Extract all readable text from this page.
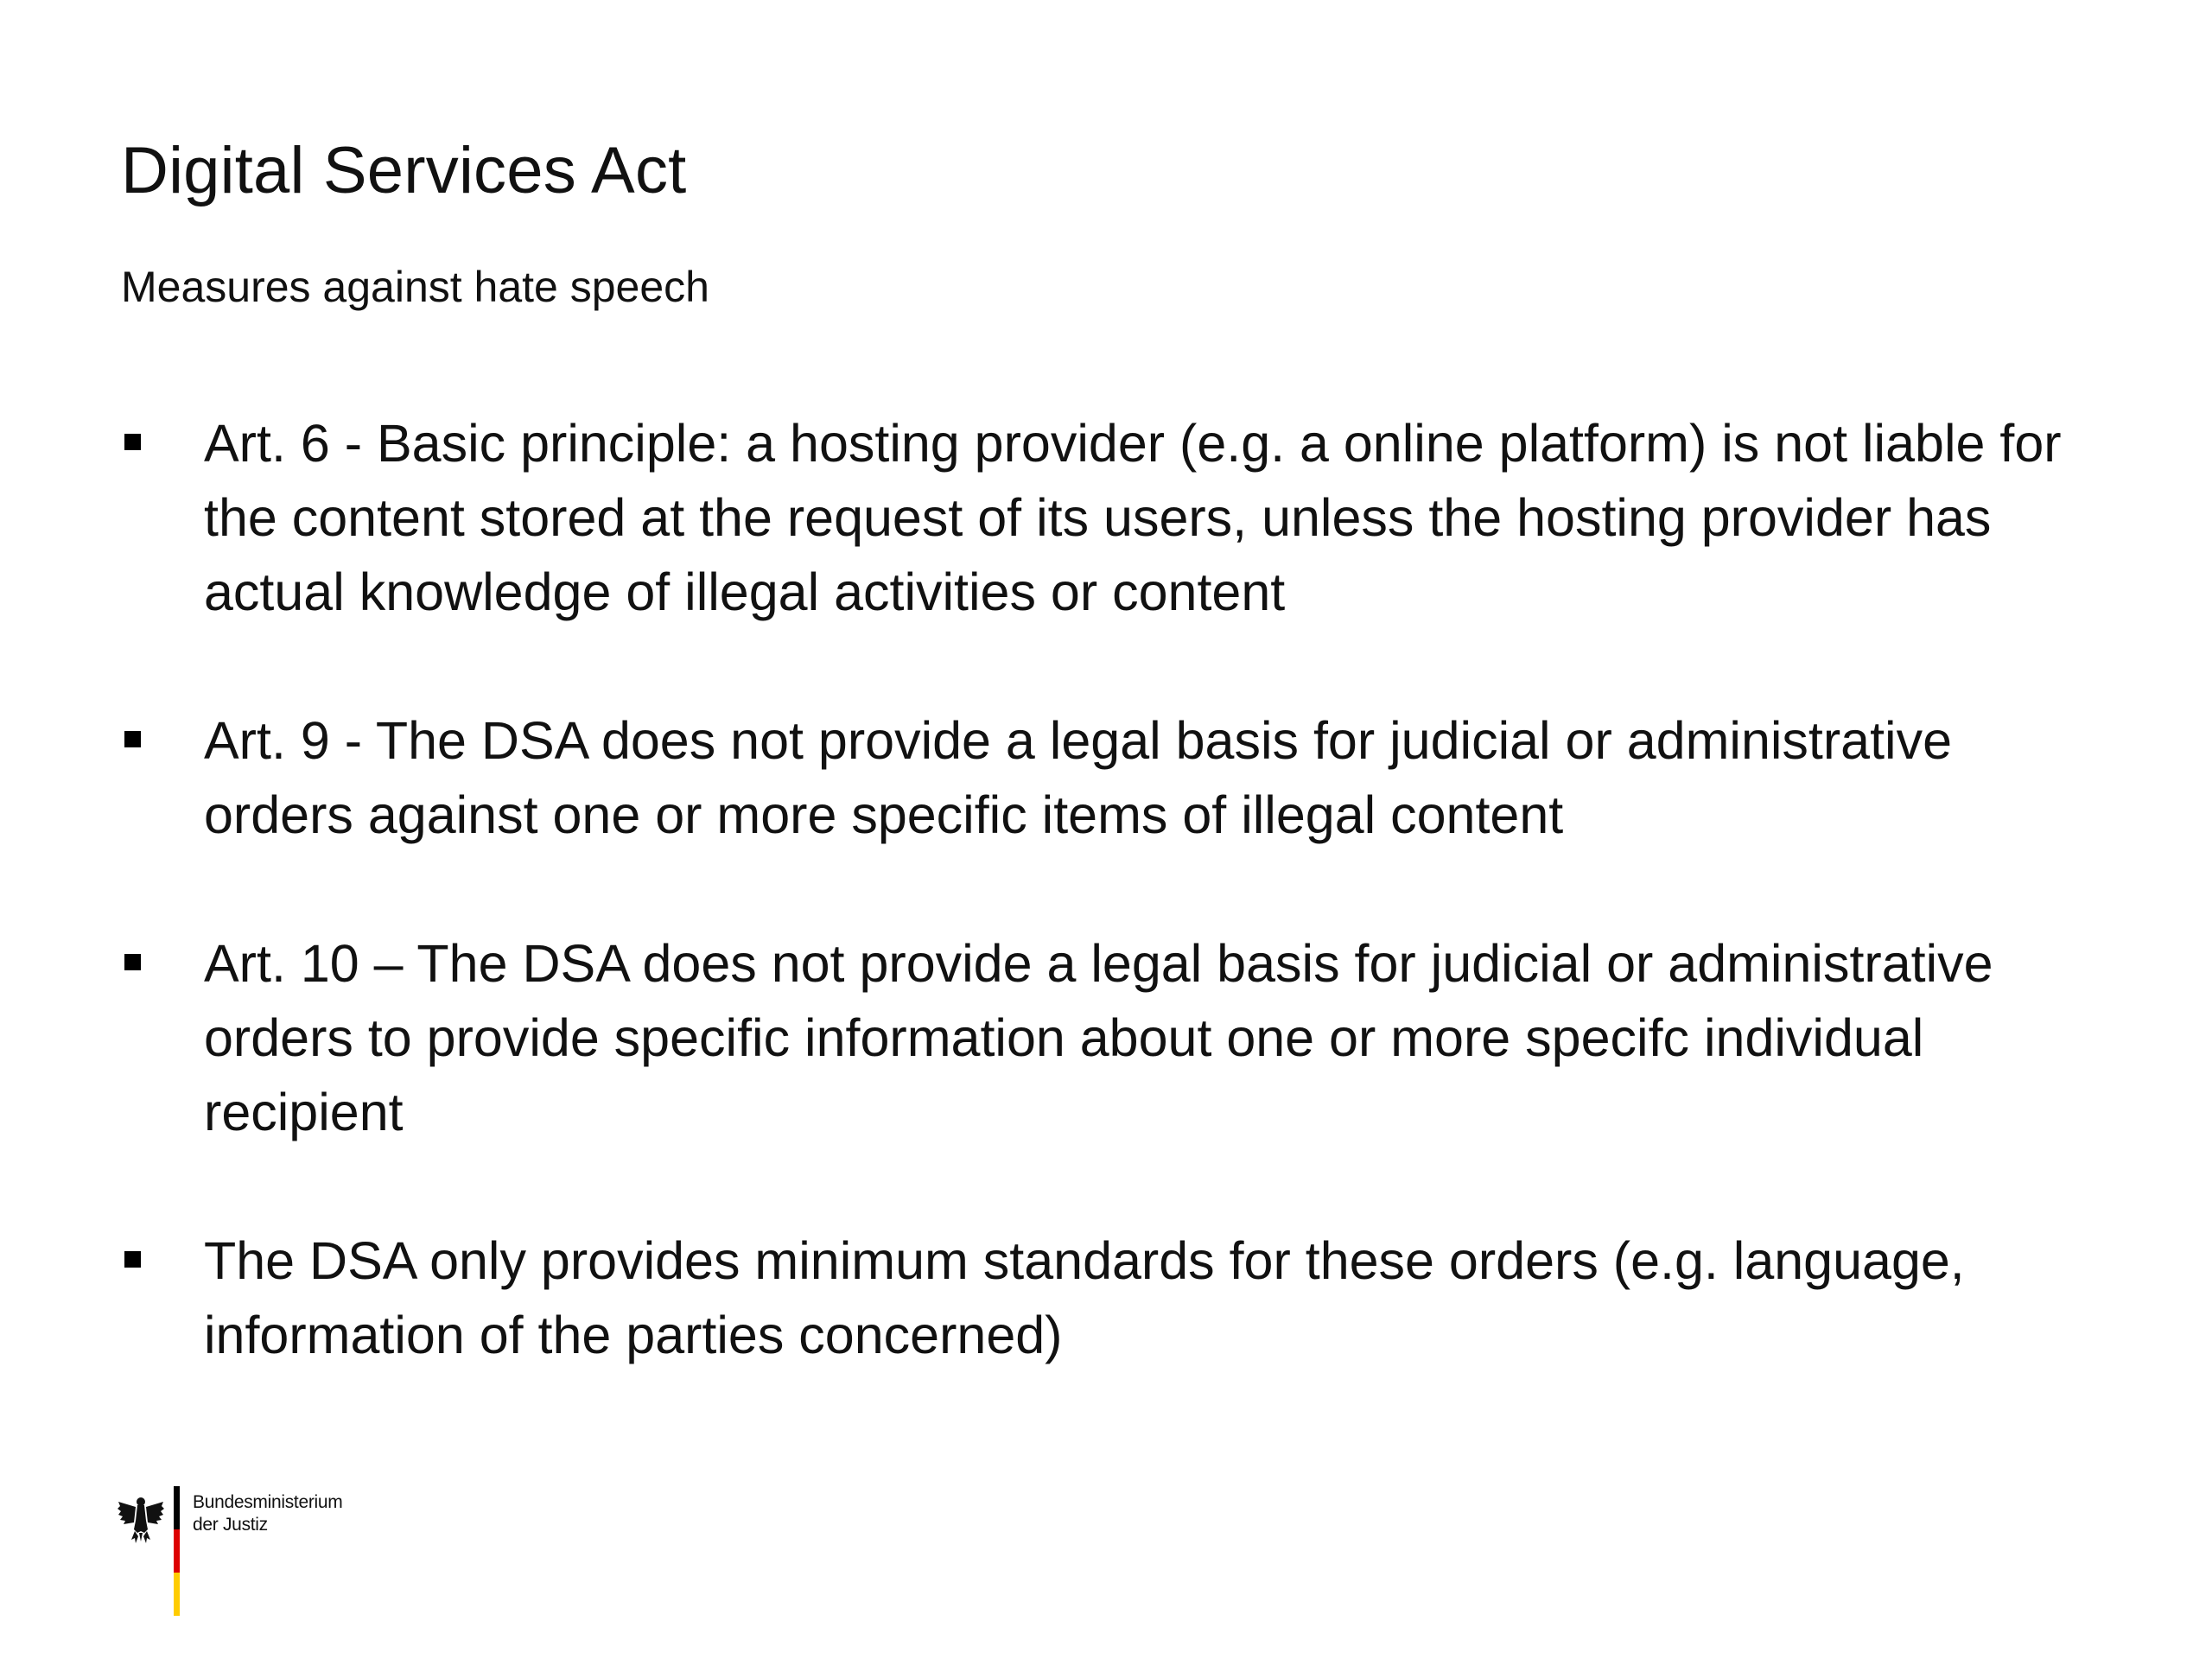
Digital Services Act

Measures against hate speech

Art. 6 - Basic principle: a hosting provider (e.g. a online platform) is not liable for the content stored at the request of its users, unless the hosting provider has actual knowledge of illegal activities or content
Art. 9 - The DSA does not provide a legal basis for judicial or administrative orders against one or more specific items of illegal content
Art. 10 – The DSA does not provide a legal basis for judicial or administrative orders to provide specific information about one or more specifc individual recipient
The DSA only provides minimum standards for these orders (e.g. language, information of the parties concerned)
Bundesministerium
der Justiz
